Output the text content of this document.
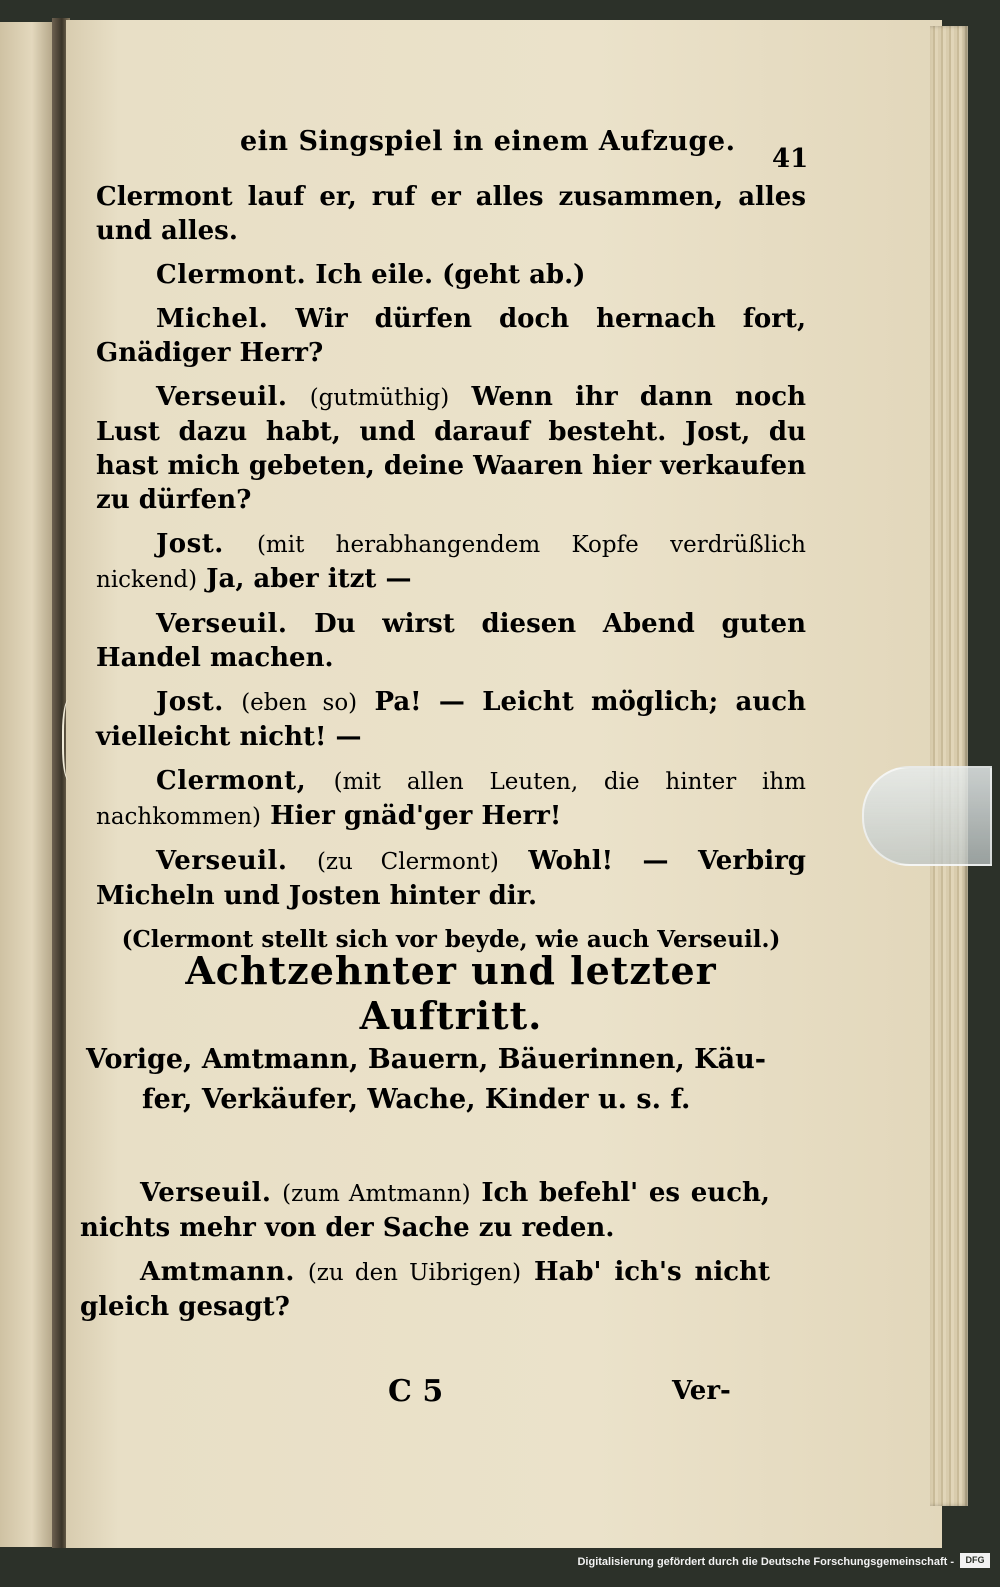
ein Singspiel in einem Aufzuge.
41

Clermont lauf er, ruf er alles zusammen, alles und alles.

Clermont. Ich eile. (geht ab.)

Michel. Wir dürfen doch hernach fort, Gnädiger Herr?

Verseuil. (gutmüthig) Wenn ihr dann noch Lust dazu habt, und darauf besteht. Jost, du hast mich gebeten, deine Waaren hier verkaufen zu dürfen?

Jost. (mit herabhangendem Kopfe verdrüßlich nickend) Ja, aber itzt —

Verseuil. Du wirst diesen Abend guten Handel machen.

Jost. (eben so) Pa! — Leicht möglich; auch vielleicht nicht! —

Clermont, (mit allen Leuten, die hinter ihm nachkommen) Hier gnäd'ger Herr!

Verseuil. (zu Clermont) Wohl! — Verbirg Micheln und Josten hinter dir.

(Clermont stellt sich vor beyde, wie auch Verseuil.)
Achtzehnter und letzter Auftritt.
Vorige, Amtmann, Bauern, Bäuerinnen, Käu-
fer, Verkäufer, Wache, Kinder u. s. f.

Verseuil. (zum Amtmann) Ich befehl' es euch, nichts mehr von der Sache zu reden.

Amtmann. (zu den Uibrigen) Hab' ich's nicht gleich gesagt?

C 5	Ver-
Digitalisierung gefördert durch die Deutsche Forschungsgemeinschaft -	DFG
